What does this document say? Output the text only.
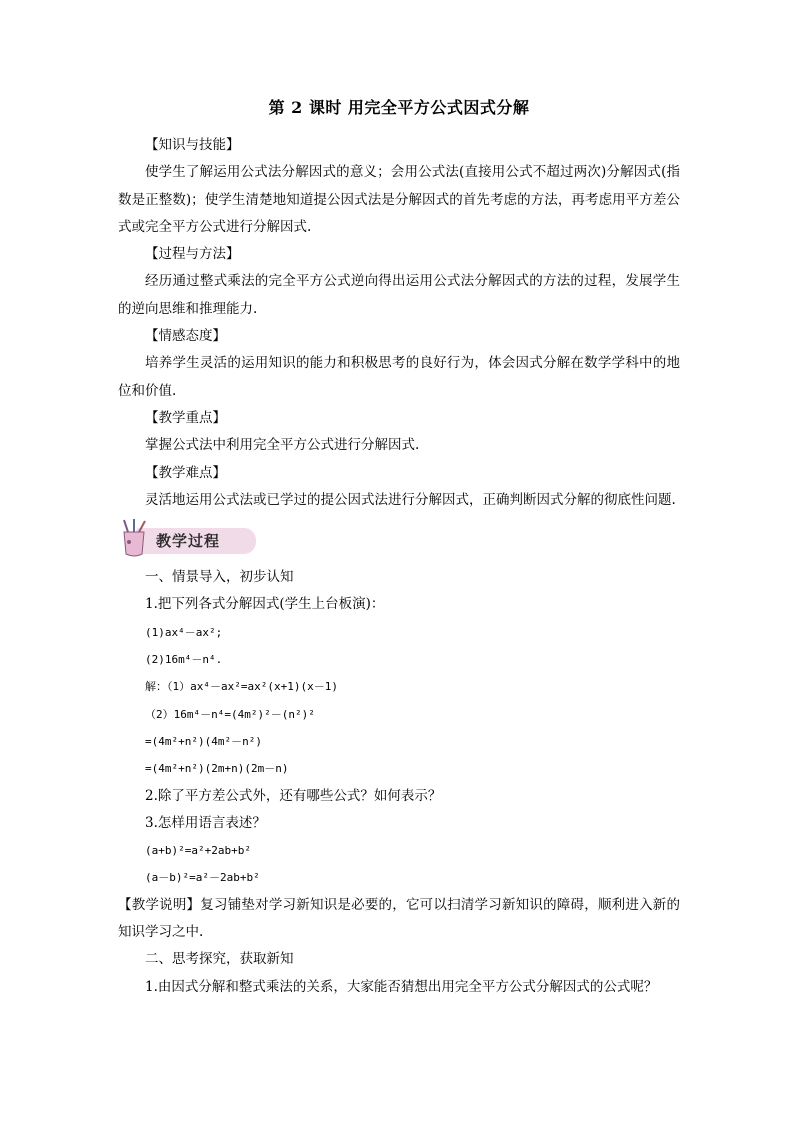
第 2 课时 用完全平方公式因式分解

【知识与技能】

使学生了解运用公式法分解因式的意义；会用公式法(直接用公式不超过两次)分解因式(指数是正整数)；使学生清楚地知道提公因式法是分解因式的首先考虑的方法，再考虑用平方差公式或完全平方公式进行分解因式.

【过程与方法】

经历通过整式乘法的完全平方公式逆向得出运用公式法分解因式的方法的过程，发展学生的逆向思维和推理能力.

【情感态度】

培养学生灵活的运用知识的能力和积极思考的良好行为，体会因式分解在数学学科中的地位和价值.

【教学重点】

掌握公式法中利用完全平方公式进行分解因式.

【教学难点】

灵活地运用公式法或已学过的提公因式法进行分解因式，正确判断因式分解的彻底性问题.

教学过程

一、情景导入，初步认知

1.把下列各式分解因式(学生上台板演)：

(1)ax⁴－ax²;

(2)16m⁴－n⁴.

解：（1）ax⁴－ax²=ax²(x+1)(x－1)

（2）16m⁴－n⁴=(4m²)²－(n²)²

=(4m²+n²)(4m²－n²)

=(4m²+n²)(2m+n)(2m－n)

2.除了平方差公式外，还有哪些公式？如何表示？

3.怎样用语言表述？

(a+b)²=a²+2ab+b²

(a－b)²=a²－2ab+b²

【教学说明】复习铺垫对学习新知识是必要的，它可以扫清学习新知识的障碍，顺利进入新的知识学习之中.

二、思考探究，获取新知

1.由因式分解和整式乘法的关系，大家能否猜想出用完全平方公式分解因式的公式呢？
